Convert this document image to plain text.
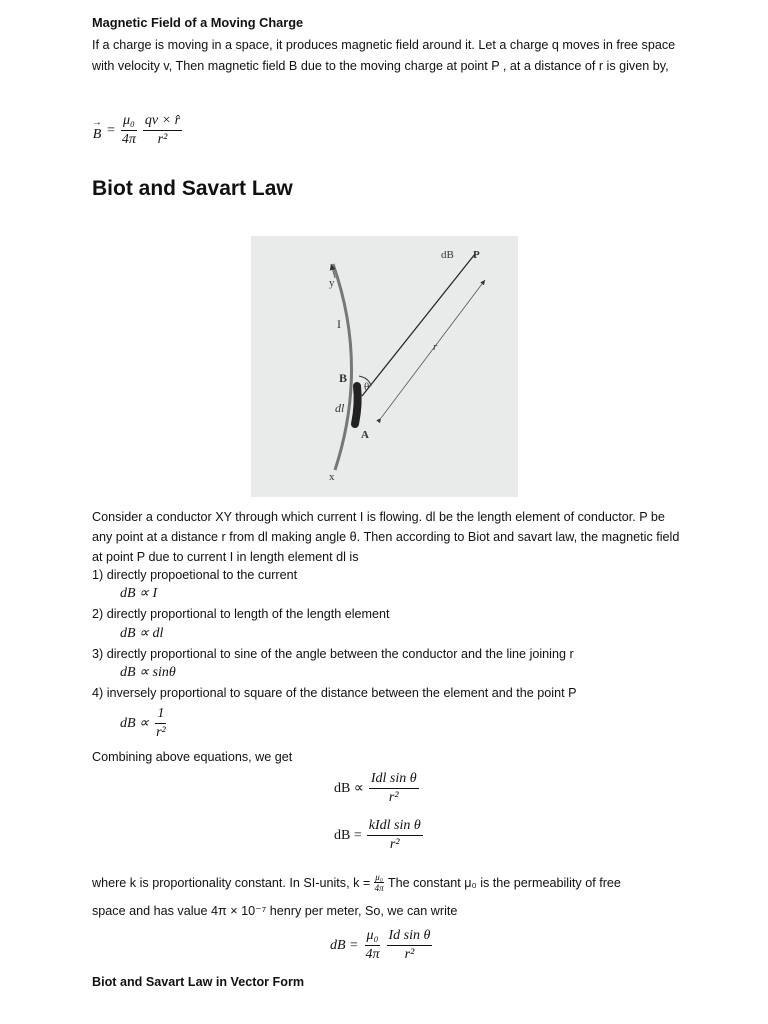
Magnetic Field of a Moving Charge

If a charge is moving in a space, it produces magnetic field around it. Let a charge q moves in free space with velocity v, Then magnetic field B due to the moving charge at point P , at a distance of r is given by,

→
$B = \frac{\text{μ₀}}{4\pi} \frac{qv \times r̂}{\text{r²}}$
Biot and Savart Law
dB P
y
I
B
θ
dl
r
A
x

Consider a conductor XY through which current I is flowing. dl be the length element of conductor. P be any point at a distance r from dl making angle θ. Then according to Biot and savart law, the magnetic field at point P due to current I in length element dl is

1) directly propoetional to the current
dB ∝ I
2) directly proportional to length of the length element
dB ∝ dl
3) directly proportional to sine of the angle between the conductor and the line joining r
dB ∝ sinθ
4) inversely proportional to square of the distance between the element and the point P
dB ∝ $\frac{1}{\text{r²}}$
Combining above equations, we get
dB ∝ $\frac{\text{Idl sin θ}}{\text{r²}}$
dB = $\frac{\text{kIdl sin θ}}{\text{r²}}$
where k is proportionality constant. In SI-units, $k = \frac{\text{μ₀}}{4\pi}$ The constant μ₀ is the permeability of free
space and has value 4π × 10⁻⁷ henry per meter, So, we can write
dB = $\frac{\text{μ₀}}{4\pi} \frac{\text{Id sin θ}}{\text{r²}}$

Biot and Savart Law in Vector Form
